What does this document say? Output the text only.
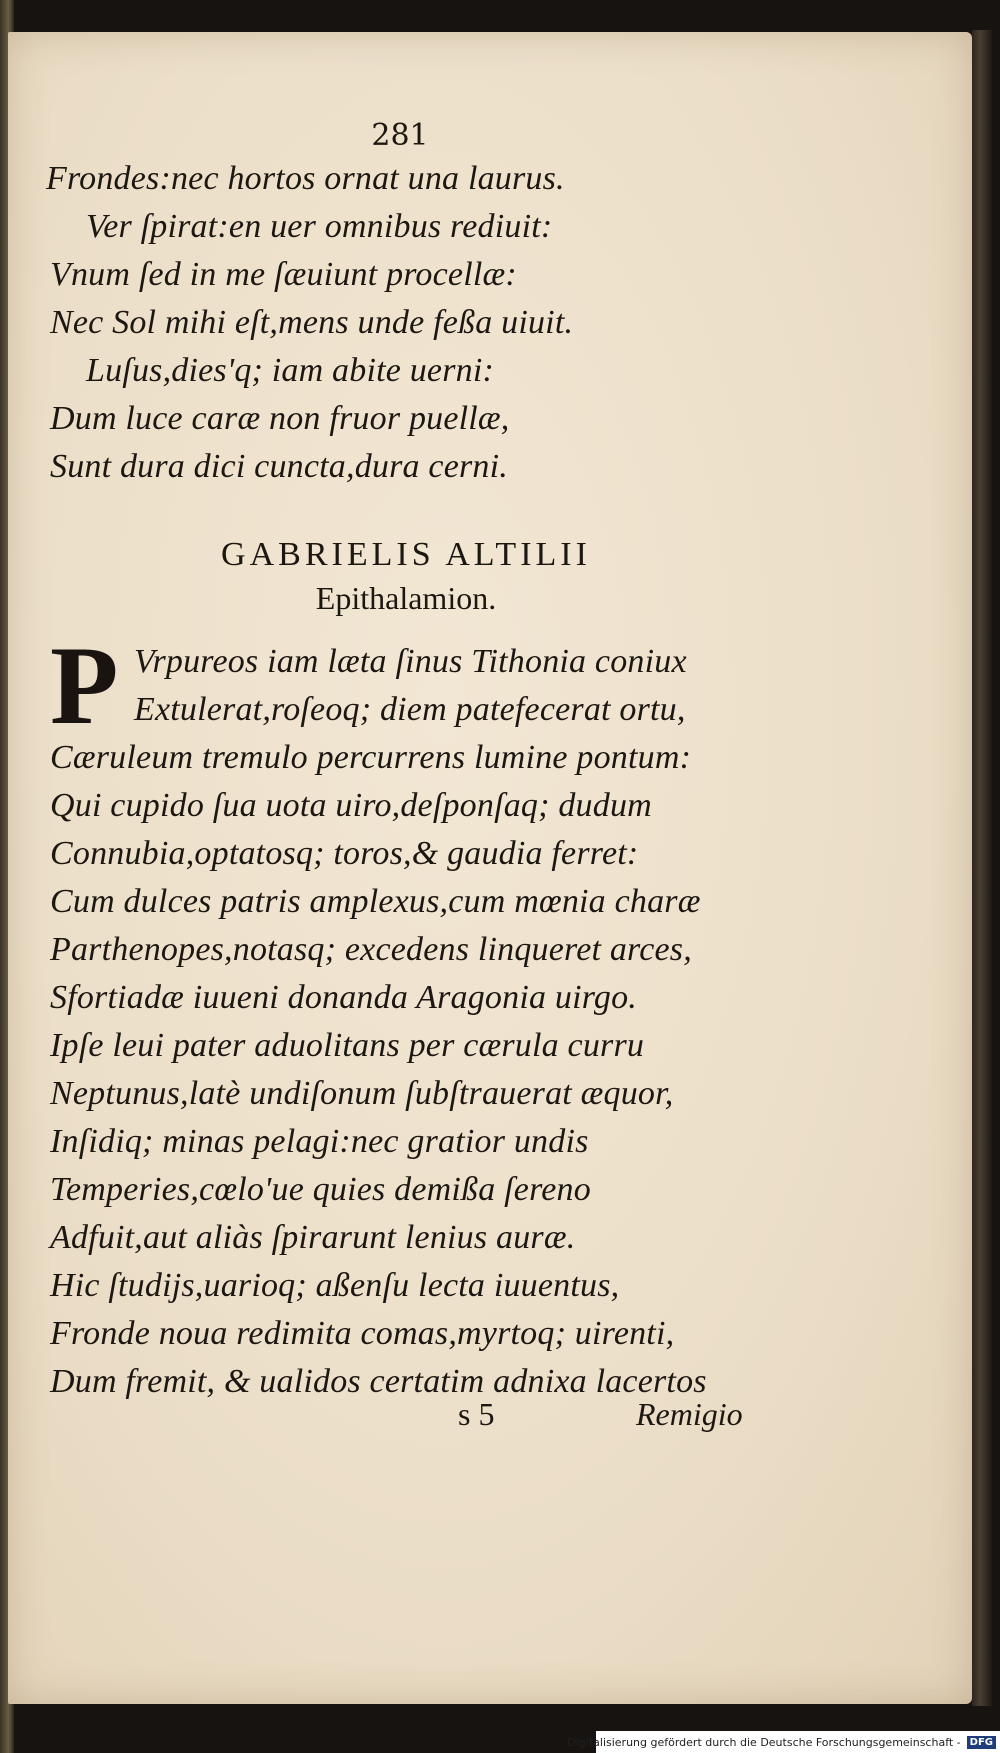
281

Frondes:nec hortos ornat una laurus.

Ver ſpirat:en uer omnibus rediuit:

Vnum ſed in me ſæuiunt procellæ:

Nec Sol mihi eſt,mens unde feßa uiuit.

Luſus,dies'q; iam abite uerni:

Dum luce caræ non fruor puellæ,

Sunt dura dici cuncta,dura cerni.

GABRIELIS ALTILII
Epithalamion.
P Vrpureos iam læta ſinus Tithonia coniux

Extulerat,roſeoq; diem patefecerat ortu,

Cæruleum tremulo percurrens lumine pontum:

Qui cupido ſua uota uiro,deſponſaq; dudum

Connubia,optatosq; toros,& gaudia ferret:

Cum dulces patris amplexus,cum mœnia charæ

Parthenopes,notasq; excedens linqueret arces,

Sfortiadæ iuueni donanda Aragonia uirgo.

Ipſe leui pater aduolitans per cærula curru

Neptunus,latè undiſonum ſubſtrauerat æquor,

Inſidiq; minas pelagi:nec gratior undis

Temperies,cœlo'ue quies demißa ſereno

Adfuit,aut aliàs ſpirarunt lenius auræ.

Hic ſtudijs,uarioq; aßenſu lecta iuuentus,

Fronde noua redimita comas,myrtoq; uirenti,

Dum fremit, & ualidos certatim adnixa lacertos

s 5	Remigio

Digitalisierung gefördert durch die Deutsche Forschungsgemeinschaft - DFG
